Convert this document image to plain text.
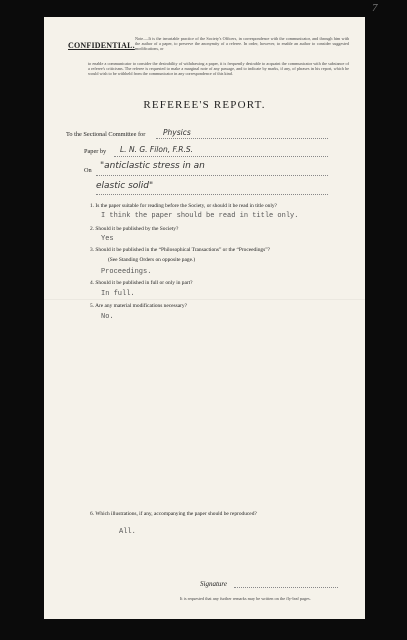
7
CONFIDENTIAL.
Note.—It is the invariable practice of the Society's Officers, in correspondence with the communicator, and through him with the author of a paper, to preserve the anonymity of a referee. In order, however, to enable an author to consider suggested modifications, or
to enable a communicator to consider the desirability of withdrawing a paper, it is frequently desirable to acquaint the communicator with the substance of a referee's criticisms. The referee is requested to make a marginal note of any passage, and to indicate by marks, if any, of phrases in his report, which he would wish to be withheld from the communicator in any correspondence of this kind.
REFEREE'S REPORT.
To the Sectional Committee for Physics
Paper by L. N. G. Filon, F.R.S.
On "anticlastic stress in an
elastic solid"
1. Is the paper suitable for reading before the Society, or should it be read in title only?
I think the paper should be read in title only.
2. Should it be published by the Society?
Yes
3. Should it be published in the “Philosophical Transactions” or the “Proceedings”?
(See Standing Orders on opposite page.)
Proceedings.
4. Should it be published in full or only in part?
In full.
5. Are any material modifications necessary?
No.
6. Which illustrations, if any, accompanying the paper should be reproduced?
All.
Signature
It is requested that any further remarks may be written on the fly-leaf pages.
